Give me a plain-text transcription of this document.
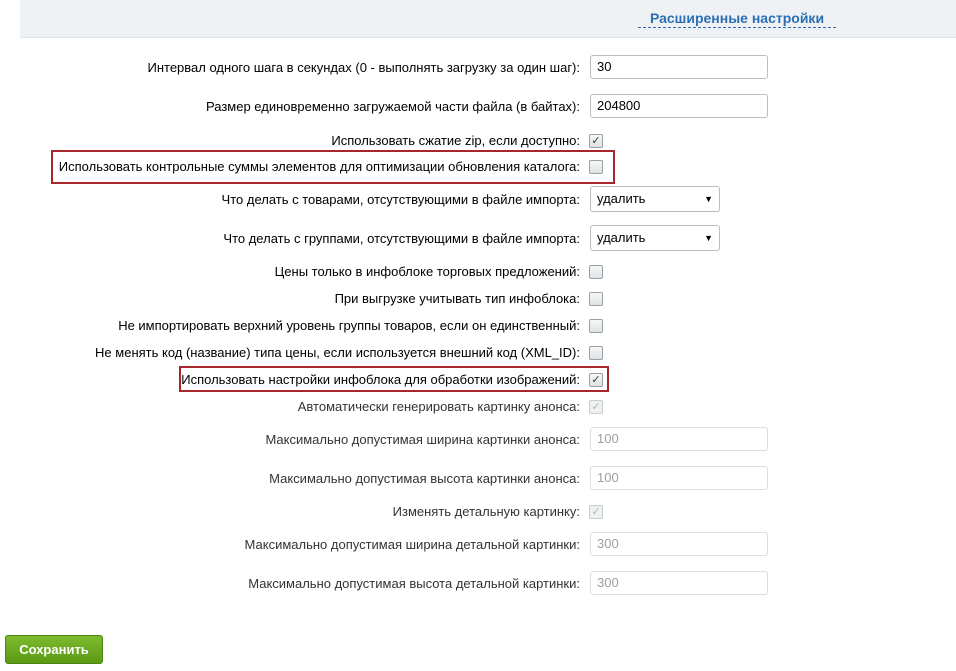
Расширенные настройки
Интервал одного шага в секундах (0 - выполнять загрузку за один шаг):	30
Размер единовременно загружаемой части файла (в байтах):	204800
Использовать сжатие zip, если доступно: ✓
Использовать контрольные суммы элементов для оптимизации обновления каталога:
Что делать с товарами, отсутствующими в файле импорта:	удалить	▼
Что делать с группами, отсутствующими в файле импорта:	удалить	▼
Цены только в инфоблоке торговых предложений:
При выгрузке учитывать тип инфоблока:
Не импортировать верхний уровень группы товаров, если он единственный:
Не менять код (название) типа цены, если используется внешний код (XML_ID):
Использовать настройки инфоблока для обработки изображений: ✓
Автоматически генерировать картинку анонса: ✓
Максимально допустимая ширина картинки анонса:	100
Максимально допустимая высота картинки анонса:	100
Изменять детальную картинку: ✓
Максимально допустимая ширина детальной картинки:	300
Максимально допустимая высота детальной картинки:	300
Сохранить
